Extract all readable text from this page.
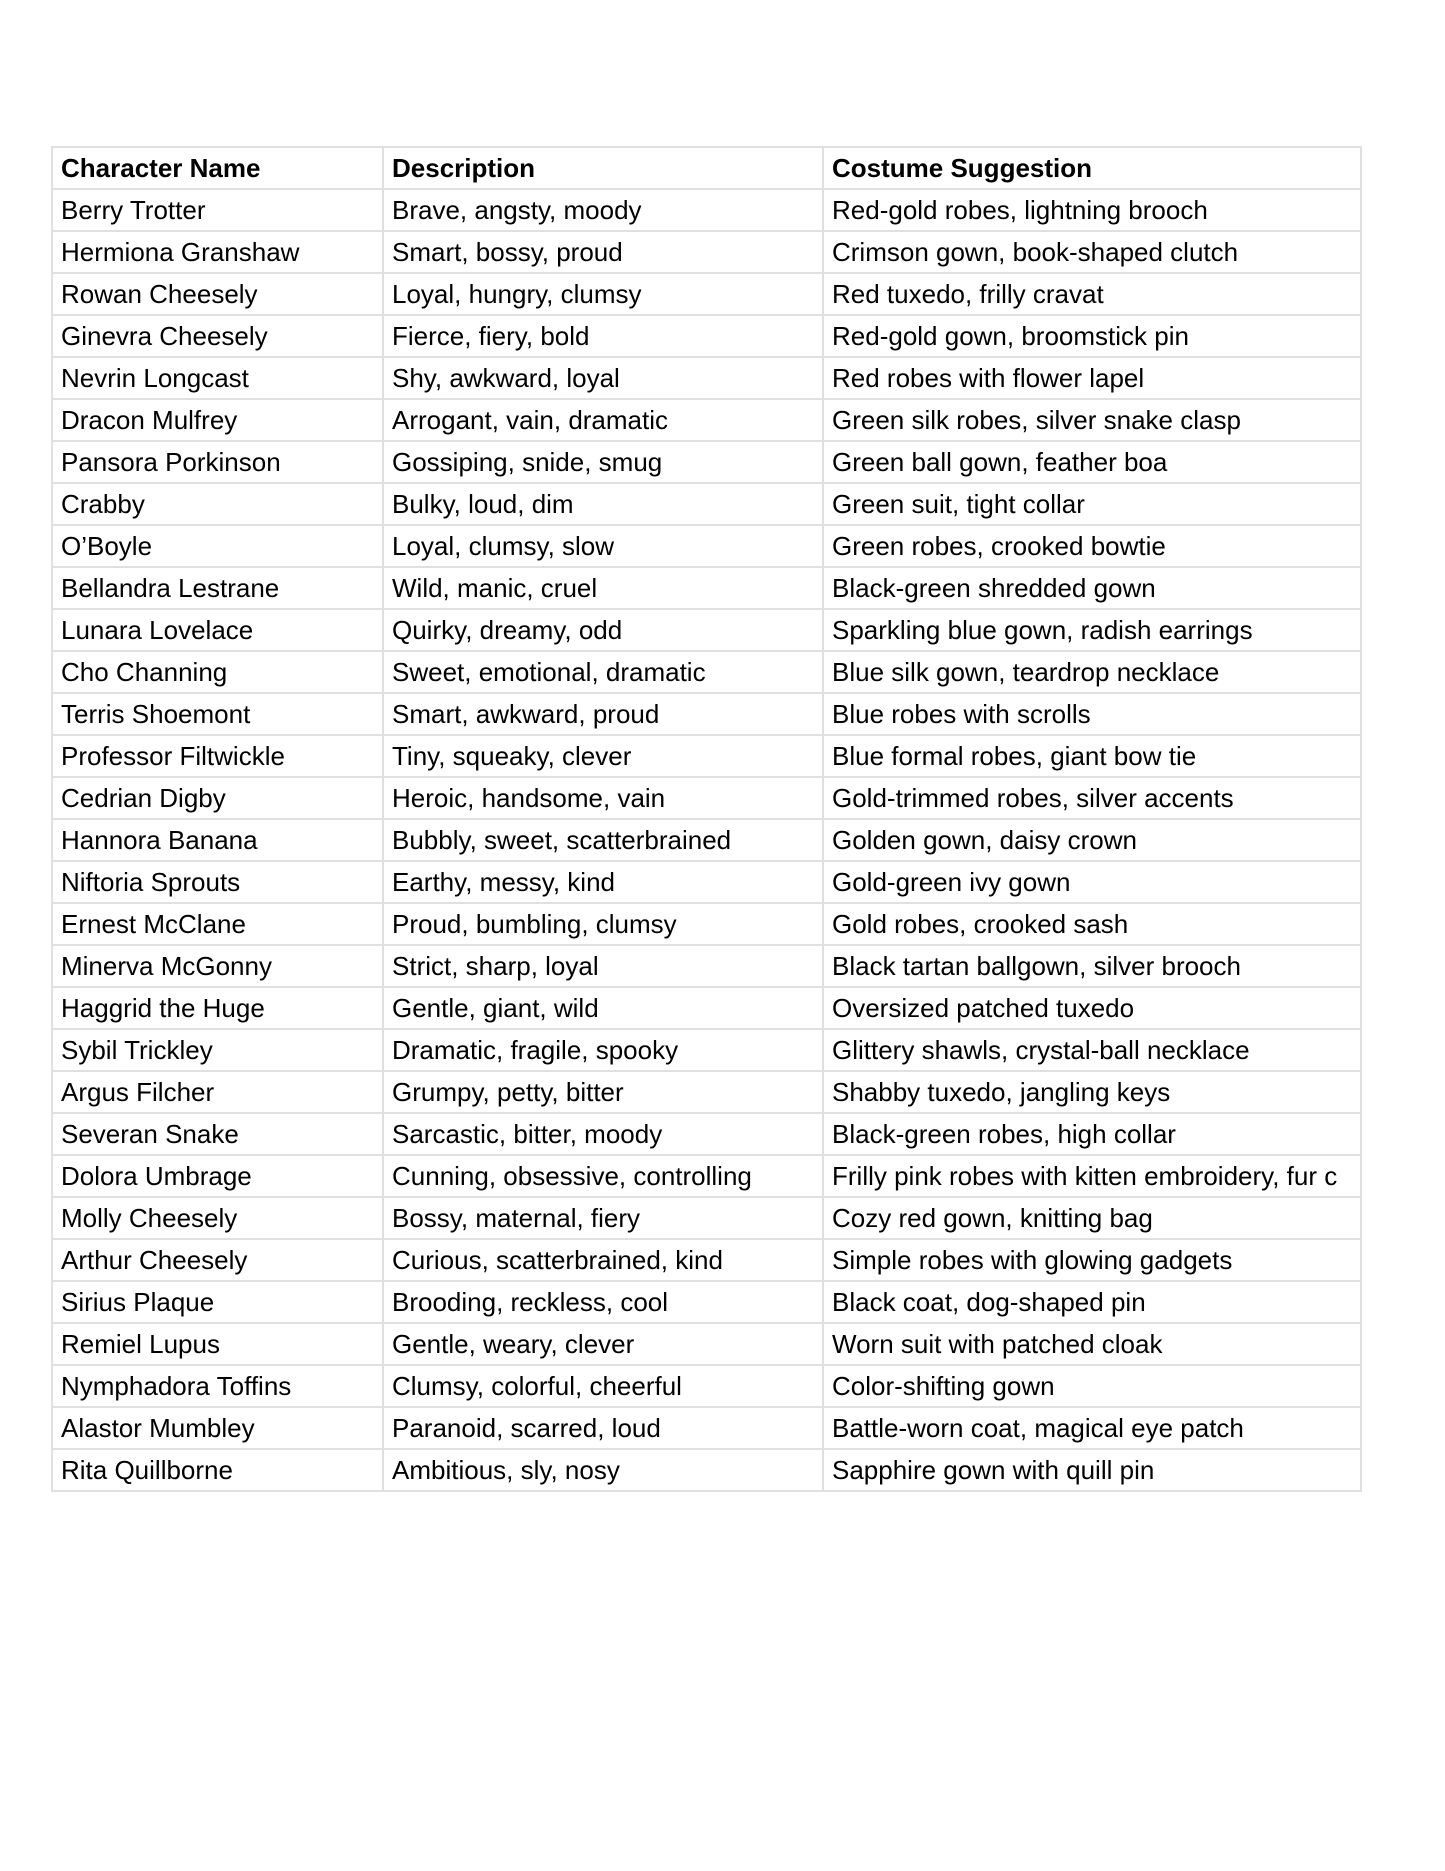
Character Name	Description	Costume Suggestion
Berry Trotter	Brave, angsty, moody	Red-gold robes, lightning brooch
Hermiona Granshaw	Smart, bossy, proud	Crimson gown, book-shaped clutch
Rowan Cheesely	Loyal, hungry, clumsy	Red tuxedo, frilly cravat
Ginevra Cheesely	Fierce, fiery, bold	Red-gold gown, broomstick pin
Nevrin Longcast	Shy, awkward, loyal	Red robes with flower lapel
Dracon Mulfrey	Arrogant, vain, dramatic	Green silk robes, silver snake clasp
Pansora Porkinson	Gossiping, snide, smug	Green ball gown, feather boa
Crabby	Bulky, loud, dim	Green suit, tight collar
O’Boyle	Loyal, clumsy, slow	Green robes, crooked bowtie
Bellandra Lestrane	Wild, manic, cruel	Black-green shredded gown
Lunara Lovelace	Quirky, dreamy, odd	Sparkling blue gown, radish earrings
Cho Channing	Sweet, emotional, dramatic	Blue silk gown, teardrop necklace
Terris Shoemont	Smart, awkward, proud	Blue robes with scrolls
Professor Filtwickle	Tiny, squeaky, clever	Blue formal robes, giant bow tie
Cedrian Digby	Heroic, handsome, vain	Gold-trimmed robes, silver accents
Hannora Banana	Bubbly, sweet, scatterbrained	Golden gown, daisy crown
Niftoria Sprouts	Earthy, messy, kind	Gold-green ivy gown
Ernest McClane	Proud, bumbling, clumsy	Gold robes, crooked sash
Minerva McGonny	Strict, sharp, loyal	Black tartan ballgown, silver brooch
Haggrid the Huge	Gentle, giant, wild	Oversized patched tuxedo
Sybil Trickley	Dramatic, fragile, spooky	Glittery shawls, crystal-ball necklace
Argus Filcher	Grumpy, petty, bitter	Shabby tuxedo, jangling keys
Severan Snake	Sarcastic, bitter, moody	Black-green robes, high collar
Dolora Umbrage	Cunning, obsessive, controlling	Frilly pink robes with kitten embroidery, fur c
Molly Cheesely	Bossy, maternal, fiery	Cozy red gown, knitting bag
Arthur Cheesely	Curious, scatterbrained, kind	Simple robes with glowing gadgets
Sirius Plaque	Brooding, reckless, cool	Black coat, dog-shaped pin
Remiel Lupus	Gentle, weary, clever	Worn suit with patched cloak
Nymphadora Toffins	Clumsy, colorful, cheerful	Color-shifting gown
Alastor Mumbley	Paranoid, scarred, loud	Battle-worn coat, magical eye patch
Rita Quillborne	Ambitious, sly, nosy	Sapphire gown with quill pin
